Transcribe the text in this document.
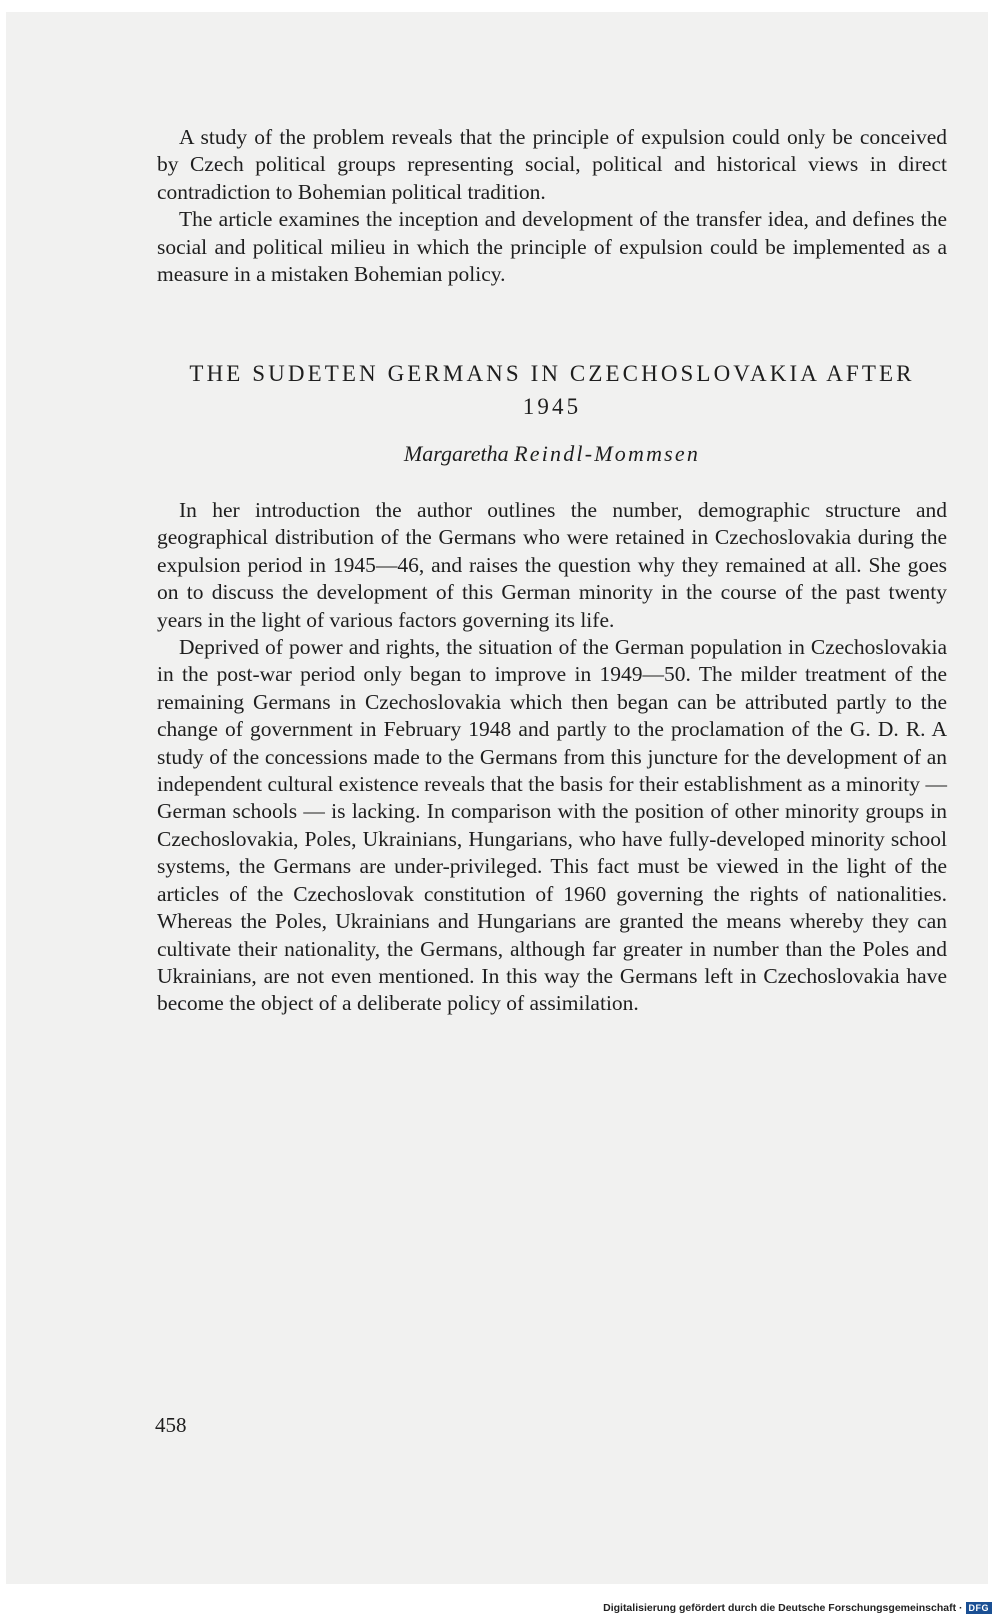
A study of the problem reveals that the principle of expulsion could only be conceived by Czech political groups representing social, political and historical views in direct contradiction to Bohemian political tradition.

The article examines the inception and development of the transfer idea, and defines the social and political milieu in which the principle of expulsion could be implemented as a measure in a mistaken Bohemian policy.

THE SUDETEN GERMANS IN CZECHOSLOVAKIA AFTER 1945
Margaretha Reindl-Mommsen

In her introduction the author outlines the number, demographic structure and geographical distribution of the Germans who were retained in Czechoslovakia during the expulsion period in 1945—46, and raises the question why they remained at all. She goes on to discuss the development of this German minority in the course of the past twenty years in the light of various factors governing its life.

Deprived of power and rights, the situation of the German population in Czechoslovakia in the post-war period only began to improve in 1949—50. The milder treatment of the remaining Germans in Czechoslovakia which then began can be attributed partly to the change of government in February 1948 and partly to the proclamation of the G. D. R. A study of the concessions made to the Germans from this juncture for the development of an independent cultural existence reveals that the basis for their establishment as a minority — German schools — is lacking. In comparison with the position of other minority groups in Czechoslovakia, Poles, Ukrainians, Hungarians, who have fully-developed minority school systems, the Germans are under-privileged. This fact must be viewed in the light of the articles of the Czechoslovak constitution of 1960 governing the rights of nationalities. Whereas the Poles, Ukrainians and Hungarians are granted the means whereby they can cultivate their nationality, the Germans, although far greater in number than the Poles and Ukrainians, are not even mentioned. In this way the Germans left in Czechoslovakia have become the object of a deliberate policy of assimilation.

458
Digitalisierung gefördert durch die Deutsche Forschungsgemeinschaft · DFG
